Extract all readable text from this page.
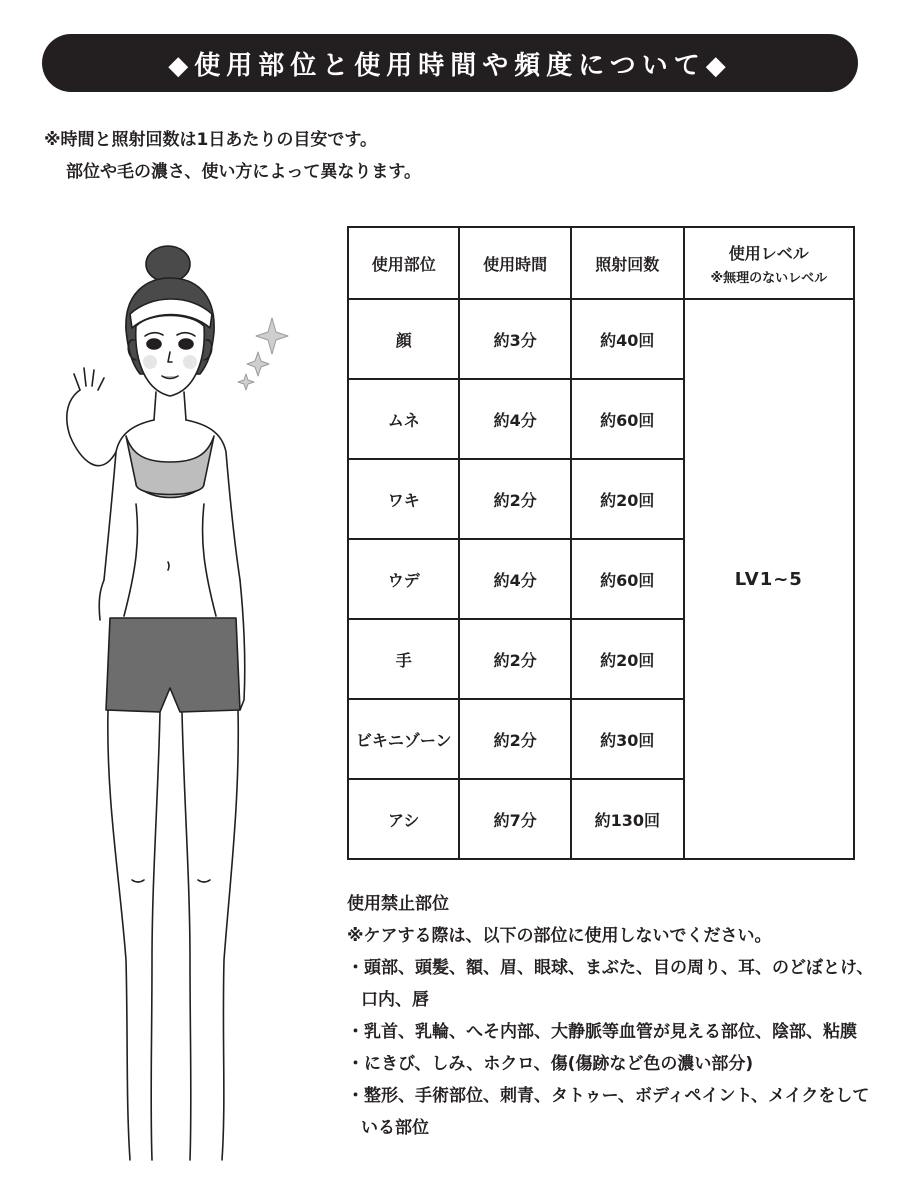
◆使用部位と使用時間や頻度について◆
※時間と照射回数は1日あたりの目安です。
部位や毛の濃さ、使い方によって異なります。
使用部位	使用時間	照射回数	使用レベル
※無理のないレベル

顔	約3分	約40回	LV1~5
ムネ	約4分	約60回	
ワキ	約2分	約20回	
ウデ	約4分	約60回	
手	約2分	約20回	
ビキニゾーン	約2分	約30回	
アシ	約7分	約130回	
使用禁止部位
※ケアする際は、以下の部位に使用しないでください。
・ 頭部、頭髪、額、眉、眼球、まぶた、目の周り、耳、のどぼとけ、口内、唇
・ 乳首、乳輪、へそ内部、大静脈等血管が見える部位、陰部、粘膜
・ にきび、しみ、ホクロ、傷(傷跡など色の濃い部分)
・ 整形、手術部位、刺青、タトゥー、ボディペイント、メイクをしている部位
